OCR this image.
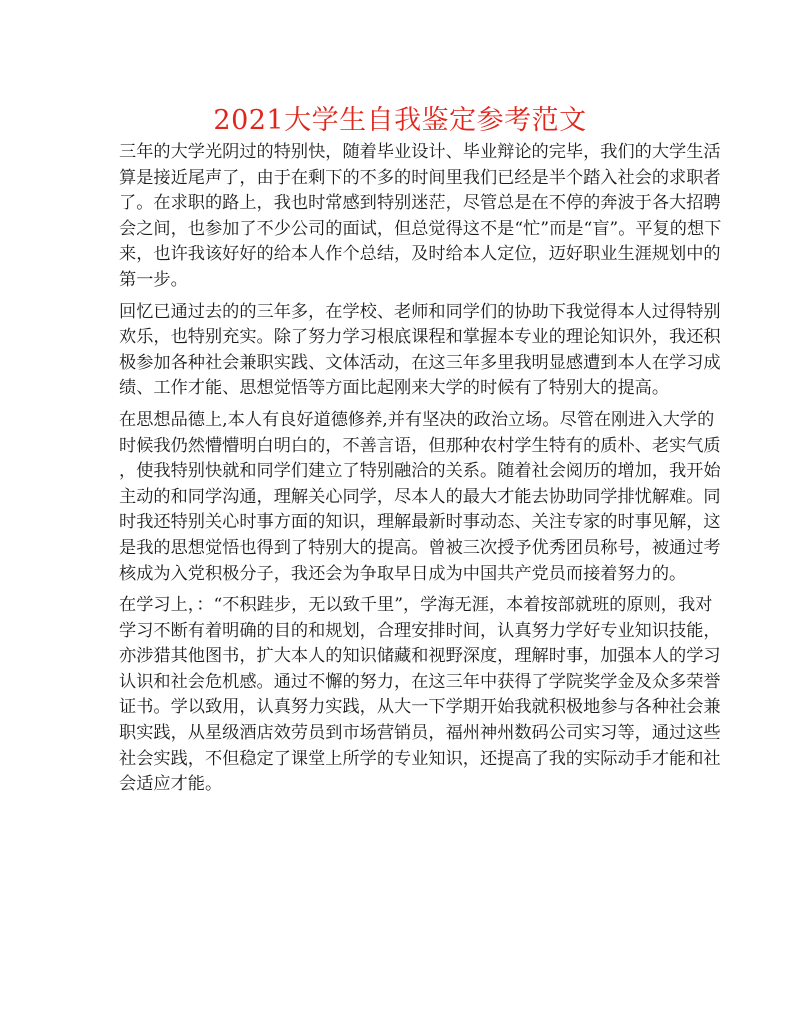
2021大学生自我鉴定参考范文
三年的大学光阴过的特别快，随着毕业设计、毕业辩论的完毕，我们的大学生活
算是接近尾声了，由于在剩下的不多的时间里我们已经是半个踏入社会的求职者
了。在求职的路上，我也时常感到特别迷茫，尽管总是在不停的奔波于各大招聘
会之间，也参加了不少公司的面试，但总觉得这不是“忙”而是“盲”。平复的想下
来，也许我该好好的给本人作个总结，及时给本人定位，迈好职业生涯规划中的
第一步。
回忆已通过去的的三年多，在学校、老师和同学们的协助下我觉得本人过得特别
欢乐，也特别充实。除了努力学习根底课程和掌握本专业的理论知识外，我还积
极参加各种社会兼职实践、文体活动，在这三年多里我明显感遭到本人在学习成
绩、工作才能、思想觉悟等方面比起刚来大学的时候有了特别大的提高。
在思想品德上,本人有良好道德修养,并有坚决的政治立场。尽管在刚进入大学的
时候我仍然懵懵明白明白的，不善言语，但那种农村学生特有的质朴、老实气质
，使我特别快就和同学们建立了特别融洽的关系。随着社会阅历的增加，我开始
主动的和同学沟通，理解关心同学，尽本人的最大才能去协助同学排忧解难。同
时我还特别关心时事方面的知识，理解最新时事动态、关注专家的时事见解，这
是我的思想觉悟也得到了特别大的提高。曾被三次授予优秀团员称号，被通过考
核成为入党积极分子，我还会为争取早日成为中国共产党员而接着努力的。
在学习上，：“不积跬步，无以致千里”，学海无涯，本着按部就班的原则，我对
学习不断有着明确的目的和规划，合理安排时间，认真努力学好专业知识技能，
亦涉猎其他图书，扩大本人的知识储藏和视野深度，理解时事，加强本人的学习
认识和社会危机感。通过不懈的努力，在这三年中获得了学院奖学金及众多荣誉
证书。学以致用，认真努力实践，从大一下学期开始我就积极地参与各种社会兼
职实践，从星级酒店效劳员到市场营销员，福州神州数码公司实习等，通过这些
社会实践，不但稳定了课堂上所学的专业知识，还提高了我的实际动手才能和社
会适应才能。
